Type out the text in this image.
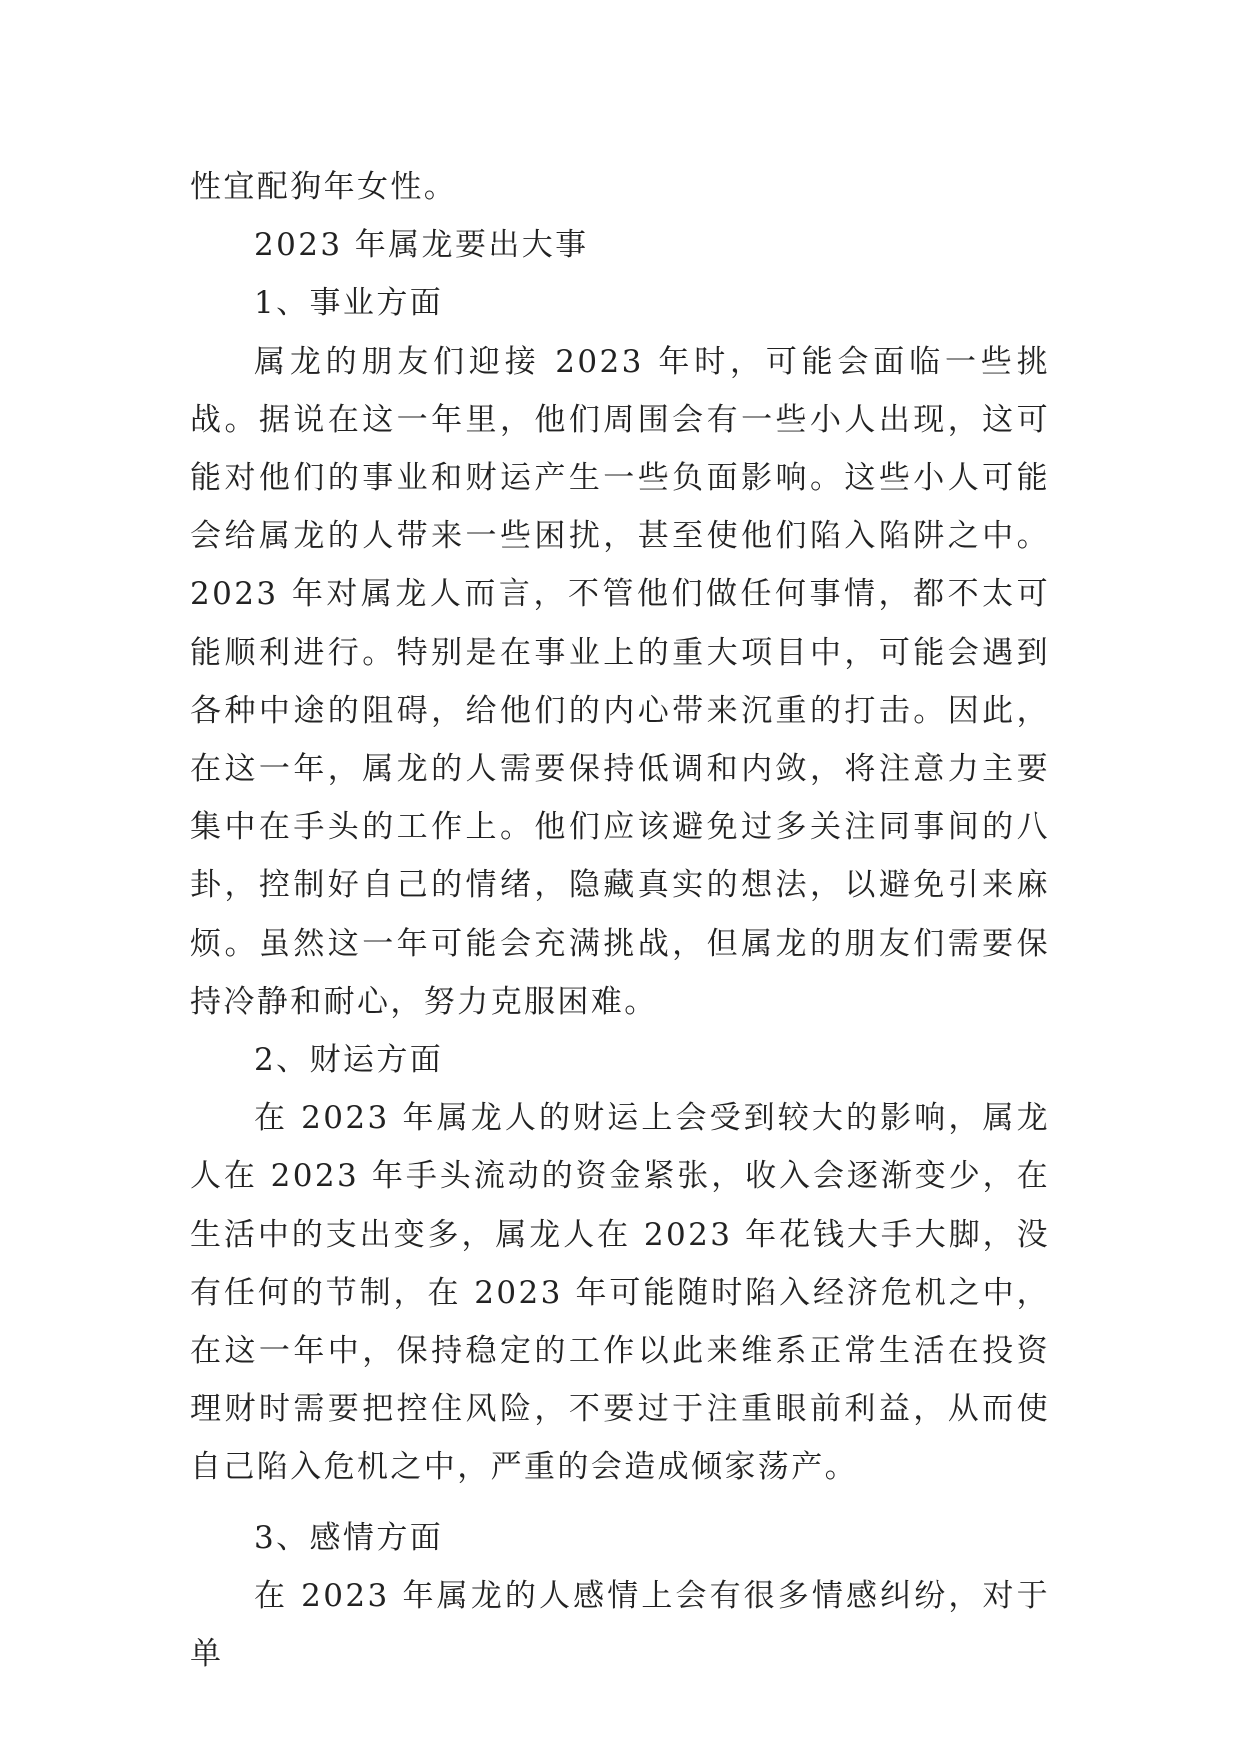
性宜配狗年女性。

2023 年属龙要出大事

1、事业方面

属龙的朋友们迎接 2023 年时，可能会面临一些挑战。据说在这一年里，他们周围会有一些小人出现，这可能对他们的事业和财运产生一些负面影响。这些小人可能会给属龙的人带来一些困扰，甚至使他们陷入陷阱之中。2023 年对属龙人而言，不管他们做任何事情，都不太可能顺利进行。特别是在事业上的重大项目中，可能会遇到各种中途的阻碍，给他们的内心带来沉重的打击。因此，在这一年，属龙的人需要保持低调和内敛，将注意力主要集中在手头的工作上。他们应该避免过多关注同事间的八卦，控制好自己的情绪，隐藏真实的想法，以避免引来麻烦。虽然这一年可能会充满挑战，但属龙的朋友们需要保持冷静和耐心，努力克服困难。

2、财运方面

在 2023 年属龙人的财运上会受到较大的影响，属龙人在 2023 年手头流动的资金紧张，收入会逐渐变少，在生活中的支出变多，属龙人在 2023 年花钱大手大脚，没有任何的节制，在 2023 年可能随时陷入经济危机之中，在这一年中，保持稳定的工作以此来维系正常生活在投资理财时需要把控住风险，不要过于注重眼前利益，从而使自己陷入危机之中，严重的会造成倾家荡产。

3、感情方面

在 2023 年属龙的人感情上会有很多情感纠纷，对于单
